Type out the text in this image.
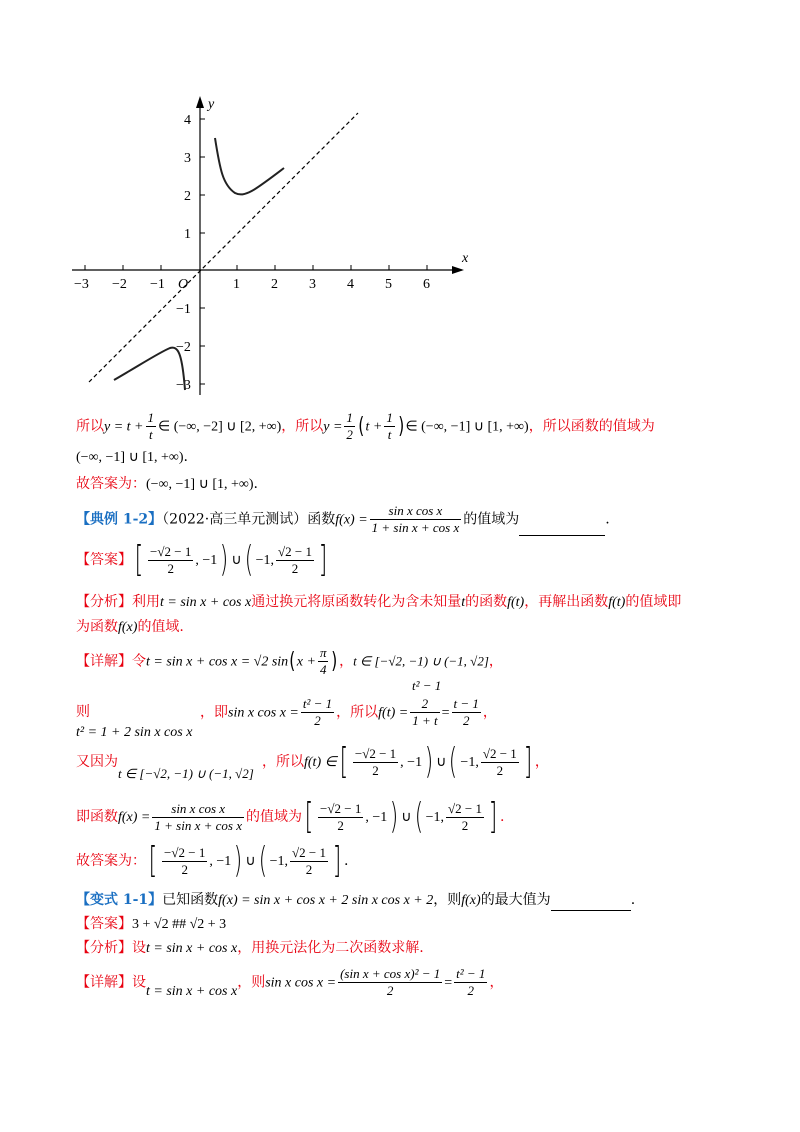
x
y
O
−3 −2 −1	1 2 3 4 5 6
4
3
2
1
−1
−2
−3
所以$y = t + \frac{1}{t}$ ∈ (−∞, −2] ∪ [2, +∞)，所以$y = \frac{1}{2} (t + \frac{1}{t}$ )∈ (−∞, −1] ∪ [1, +∞)，所以函数的值域为
(−∞, −1] ∪ [1, +∞).
故答案为：(−∞, −1] ∪ [1, +∞).
【典例 1-2】（2022·高三单元测试）函数$f(x) = \frac{\text{sin x cos x}}{\text{1 + sin x + cos x}}$ 的值域为	.
【答案】[ $\frac{-√2 - 1}{2}$ , −1) ∪( −1, $\frac{√2 - 1}{2}$ ]
【分析】利用t = sin x + cos x通过换元将原函数转化为含未知量t的函数f(t)，再解出函数f(t)的值域即
为函数f(x)的值域.
【详解】令t = sin x + cos x = √2 $\sin(x + \frac{\pi}{4}$ )，t ∈ [−√2, −1) ∪ (−1, √2]，
则
t² = 1 + 2 sin x cos x
，即sin x $\cos x = \frac{\text{t² − 1}}{2}$ ，所以$f(t) = \frac{2}{1 + t} = \frac{t - 1}{2}$ ，
t² − 1
又因为
t ∈ [−√2, −1) ∪ (−1, √2]
，所以f(t) ∈[ $\frac{-√2 - 1}{2}$ , −1) ∪( −1, $\frac{√2 - 1}{2}$ ] ，
即函数$f(x) = \frac{\text{sin x cos x}}{\text{1 + sin x + cos x}}$ 的值域为[ $\frac{-√2 - 1}{2}$ , −1) ∪( −1, $\frac{√2 - 1}{2}$ ] .
故答案为：[ $\frac{-√2 - 1}{2}$ , −1) ∪( −1, $\frac{√2 - 1}{2}$ ] .
【变式 1-1】已知函数f(x) = sin x + cos x + 2 sin x cos x + 2，则f(x)的最大值为	.
【答案】3 + √2 ## √2 + 3
【分析】设t = sin x + cos x，用换元法化为二次函数求解.
【详解】设t = sin x + cos x，则sin x $\cos x = \frac{\text{(sin x + cos x)² − 1}}{2} = \frac{\text{t² − 1}}{2}$ ，
